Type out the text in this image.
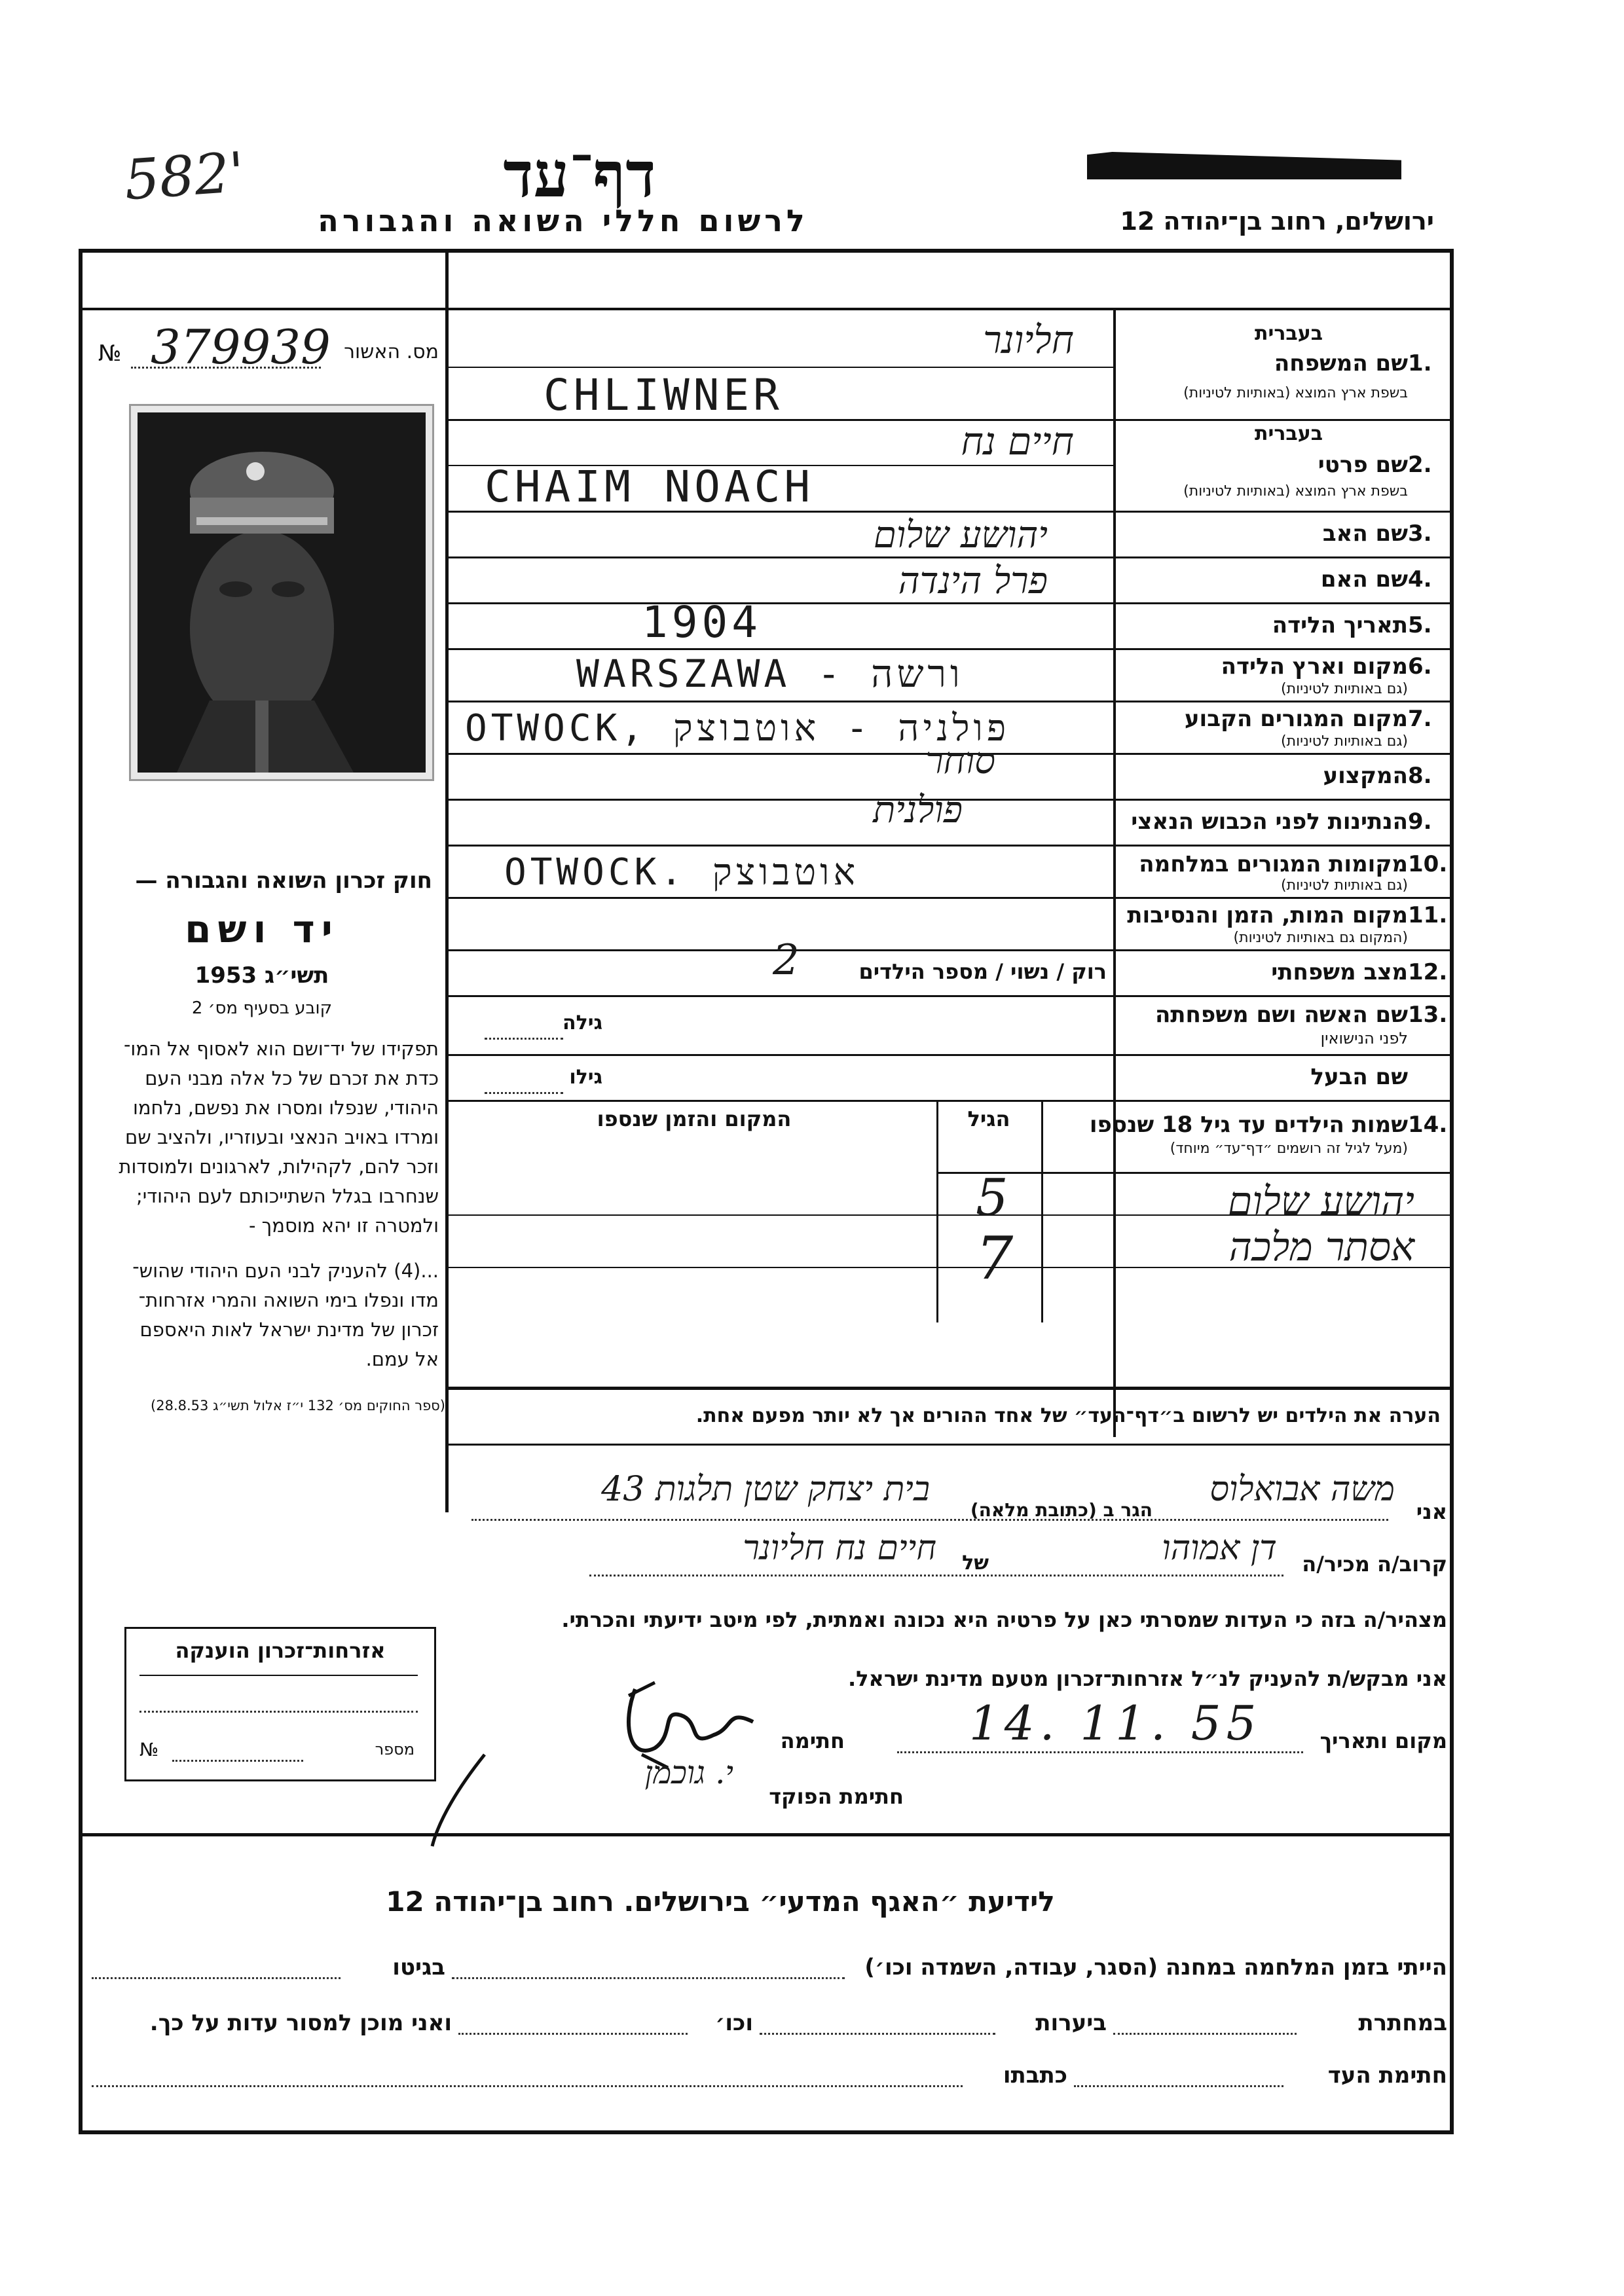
582'	דף־עד
לרשום חללי השואה והגבורה	ירושלים, רחוב בן־יהודה 12
מס. האשור
№ 379939
חוק זכרון השואה והגבורה —
יד ושם
תשי״ג 1953
קובע בסעיף מס׳ 2

תפקידו של יד־ושם הוא לאסוף אל המו־

כדת את זכרם של כל אלה מבני העם

היהודי, שנפלו ומסרו את נפשם, נלחמו

ומרדו באויב הנאצי ובעוזריו, ולהציב שם

וזכר להם, לקהילות, לארגונים ולמוסדות

שנחרבו בגלל השתייכותם לעם היהודי;

ולמטרה זו יהא מוסמך -

...(4) להעניק לבני העם היהודי שהוש־

מדו ונפלו בימי השואה והמרי אזרחות־

זכרון של מדינת ישראל לאות היאספם

אל עמם.

(ספר החוקים מס׳ 132 י״ז אלול תשי״ג 28.8.53)
בעברית
שם המשפחה 1.
בשפת ארץ המוצא (באותיות לטיניות)
חליונר
CHLIWNER
בעברית
שם פרטי 2.
בשפת ארץ המוצא (באותיות לטיניות)
חיים נח
CHAIM NOACH
שם האב 3.
יהושע שלום
שם האם 4.
פרל הינדה
תאריך הלידה 5.
1904
מקום וארץ הלידה 6.
(גם באותיות לטיניות)
WARSZAWA - ורשה
מקום המגורים הקבוע 7.
(גם באותיות לטיניות)
OTWOCK, פולניה - אוטבוצק
המקצוע 8.
סוחר
הנתינות לפני הכבוש הנאצי 9.
פולנית
מקומות המגורים במלחמה 10.
(גם באותיות לטיניות)
OTWOCK. אוטבוצק
מקום המות, הזמן והנסיבות 11.
(המקום גם באותיות לטיניות)
מצב משפחתי 12.
רוק / נשוי / מספר הילדים
2
שם האשה ושם משפחתה 13.
לפני הנישואין
גילה
שם הבעל
גילו
שמות הילדים עד גיל 18 שנספו 14.
(מעל לגיל זה רושמים ״דף־עד״ מיוחד)
הגיל
המקום והזמן שנספו
יהושע שלום
5
אסתר מלכה
7
הערה את הילדים יש לרשום ב״דף־העד״ של אחד ההורים אך לא יותר מפעם אחת.
אני
משה אבואלוס
הגר ב (כתובת מלאה)
בית יצחק שטן תלגות 43
קרוב/ה מכיר/ה
דן אמוהו
של
חיים נח חליונר
מצהיר/ה בזה כי העדות שמסרתי כאן על פרטיה היא נכונה ואמתית, לפי מיטב ידיעתי והכרתי.
אני מבקש/ת להעניק לנ״ל אזרחות־זכרון מטעם מדינת ישראל.
מקום ותאריך
14. 11. 55
חתימה
חתימת הפוקד
י. גוכמן
אזרחות־זכרון הוענקה
מספר
№
לידיעת ״האגף המדעי״ בירושלים. רחוב בן־יהודה 12
הייתי בזמן המלחמה במחנה (הסגר, עבודה, השמדה וכו׳)
בגיטו
במחתרת
ביערות
וכו׳
ואני מוכן למסור עדות על כך.
חתימת העד
כתבתו
